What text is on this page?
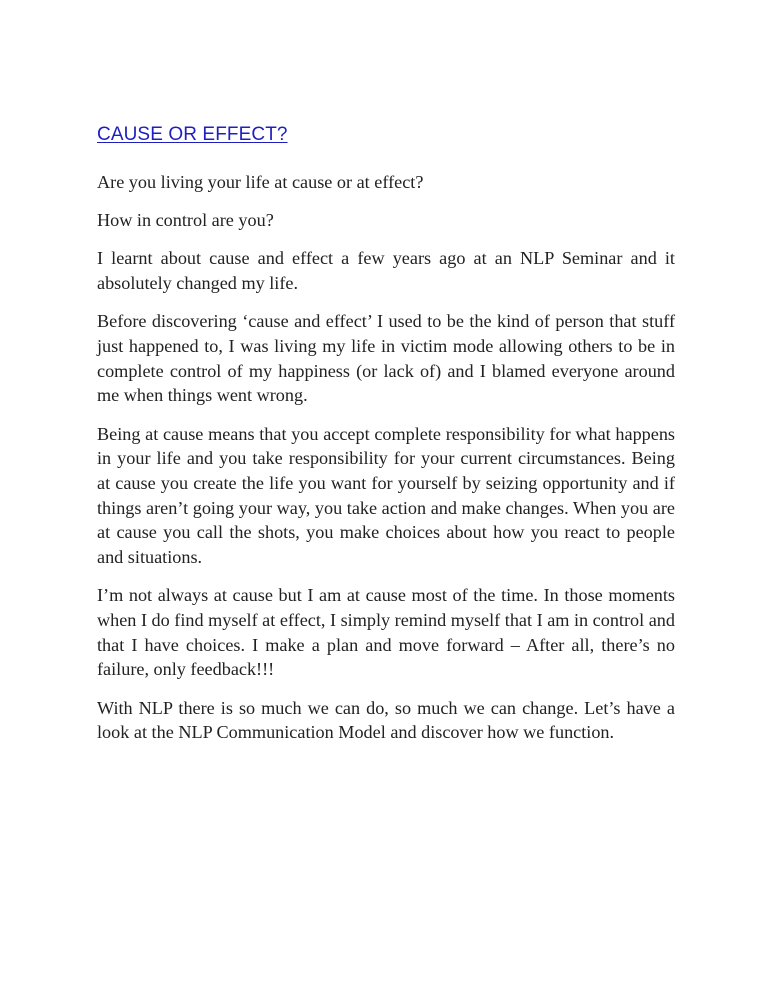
CAUSE OR EFFECT?

Are you living your life at cause or at effect?

How in control are you?

I learnt about cause and effect a few years ago at an NLP Seminar and it absolutely changed my life.

Before discovering ‘cause and effect’ I used to be the kind of person that stuff just happened to, I was living my life in victim mode allowing others to be in complete control of my happiness (or lack of) and I blamed everyone around me when things went wrong.

Being at cause means that you accept complete responsibility for what happens in your life and you take responsibility for your current circumstances. Being at cause you create the life you want for yourself by seizing opportunity and if things aren’t going your way, you take action and make changes. When you are at cause you call the shots, you make choices about how you react to people and situations.

I’m not always at cause but I am at cause most of the time. In those moments when I do find myself at effect, I simply remind myself that I am in control and that I have choices. I make a plan and move forward – After all, there’s no failure, only feedback!!!

With NLP there is so much we can do, so much we can change. Let’s have a look at the NLP Communication Model and discover how we function.
